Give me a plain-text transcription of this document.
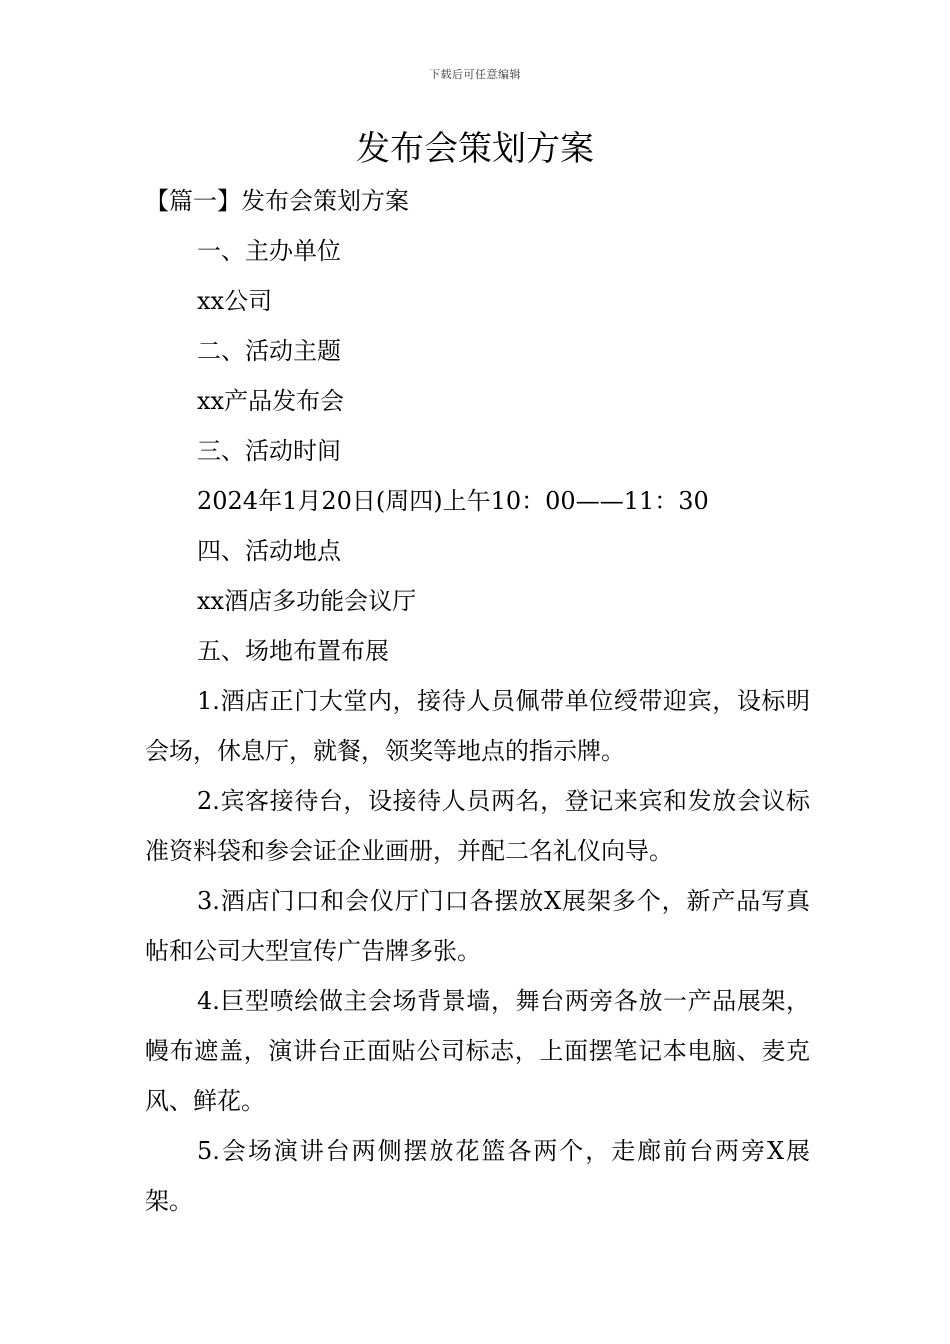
下载后可任意编辑
发布会策划方案

【篇一】发布会策划方案

一、主办单位

xx公司

二、活动主题

xx产品发布会

三、活动时间

2024年1月20日(周四)上午10：00——11：30

四、活动地点

xx酒店多功能会议厅

五、场地布置布展

1.酒店正门大堂内，接待人员佩带单位绶带迎宾，设标明会场，休息厅，就餐，领奖等地点的指示牌。

2.宾客接待台，设接待人员两名，登记来宾和发放会议标准资料袋和参会证企业画册，并配二名礼仪向导。

3.酒店门口和会仪厅门口各摆放X展架多个，新产品写真帖和公司大型宣传广告牌多张。

4.巨型喷绘做主会场背景墙，舞台两旁各放一产品展架，幔布遮盖，演讲台正面贴公司标志，上面摆笔记本电脑、麦克风、鲜花。

5.会场演讲台两侧摆放花篮各两个，走廊前台两旁X展架。
